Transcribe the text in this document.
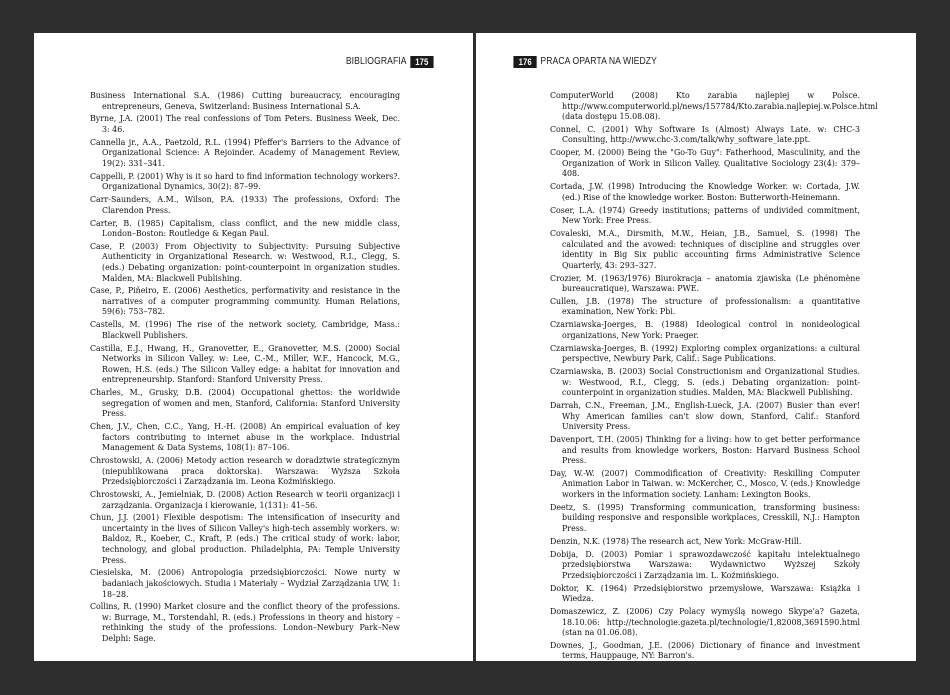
BIBLIOGRAFIA 175

Business International S.A. (1986) Cutting bureaucracy, encouraging entrepreneurs, Geneva, Switzerland: Business International S.A.

Byrne, J.A. (2001) The real confessions of Tom Peters. Business Week, Dec. 3: 46.

Cannella jr., A.A., Paetzold, R.L. (1994) Pfeffer's Barriers to the Advance of Organizational Science: A Rejoinder. Academy of Management Review, 19(2): 331–341.

Cappelli, P. (2001) Why is it so hard to find information technology workers?. Organizational Dynamics, 30(2): 87–99.

Carr-Saunders, A.M., Wilson, P.A. (1933) The professions, Oxford: The Clarendon Press.

Carter, B. (1985) Capitalism, class conflict, and the new middle class, London–Boston: Routledge & Kegan Paul.

Case, P. (2003) From Objectivity to Subjectivity: Pursuing Subjective Authenticity in Organizational Research. w: Westwood, R.I., Clegg, S. (eds.) Debating organization: point-counterpoint in organization studies. Malden, MA: Blackwell Publishing.

Case, P., Piñeiro, E. (2006) Aesthetics, performativity and resistance in the narratives of a computer programming community. Human Relations, 59(6): 753–782.

Castells, M. (1996) The rise of the network society, Cambridge, Mass.: Blackwell Publishers.

Castilla, E.J., Hwang, H., Granovetter, E., Granovetter, M.S. (2000) Social Networks in Silicon Valley. w: Lee, C.-M., Miller, W.F., Hancock, M.G., Rowen, H.S. (eds.) The Silicon Valley edge: a habitat for innovation and entrepreneurship. Stanford: Stanford University Press.

Charles, M., Grusky, D.B. (2004) Occupational ghettos: the worldwide segregation of women and men, Stanford, California: Stanford University Press.

Chen, J.V., Chen, C.C., Yang, H.-H. (2008) An empirical evaluation of key factors contributing to internet abuse in the workplace. Industrial Management & Data Systems, 108(1): 87–106.

Chrostowski, A. (2006) Metody action research w doradztwie strategicznym (niepublikowana praca doktorska). Warszawa: Wyższa Szkoła Przedsiębiorczości i Zarządzania im. Leona Koźmińskiego.

Chrostowski, A., Jemielniak, D. (2008) Action Research w teorii organizacji i zarządzania. Organizacja i kierowanie, 1(131): 41–56.

Chun, J.J. (2001) Flexible despotism: The intensification of insecurity and uncertainty in the lives of Silicon Valley's high-tech assembly workers. w: Baldoz, R., Koeber, C., Kraft, P. (eds.) The critical study of work: labor, technology, and global production. Philadelphia, PA: Temple University Press.

Ciesielska, M. (2006) Antropologia przedsiębiorczości. Nowe nurty w badaniach jakościowych. Studia i Materiały – Wydział Zarządzania UW, 1: 18–28.

Collins, R. (1990) Market closure and the conflict theory of the professions. w: Burrage, M., Torstendahl, R. (eds.) Professions in theory and history – rethinking the study of the professions. London–Newbury Park–New Delphi: Sage.

176 PRACA OPARTA NA WIEDZY

ComputerWorld (2008) Kto zarabia najlepiej w Polsce. http://www.computerworld.pl/news/157784/Kto.zarabia.najlepiej.w.Polsce.html (data dostępu 15.08.08).

Connel, C. (2001) Why Software Is (Almost) Always Late. w: CHC-3 Consulting, http://www.chc-3.com/talk/why_software_late.ppt.

Cooper, M. (2000) Being the "Go-To Guy": Fatherhood, Masculinity, and the Organization of Work in Silicon Valley. Qualitative Sociology 23(4): 379–408.

Cortada, J.W. (1998) Introducing the Knowledge Worker. w: Cortada, J.W. (ed.) Rise of the knowledge worker. Boston: Butterworth-Heinemann.

Coser, L.A. (1974) Greedy institutions; patterns of undivided commitment, New York: Free Press.

Covaleski, M.A., Dirsmith, M.W., Heian, J.B., Samuel, S. (1998) The calculated and the avowed: techniques of discipline and struggles over identity in Big Six public accounting firms Administrative Science Quarterly, 43: 293–327.

Crozier, M. (1963/1976) Biurokracja – anatomia zjawiska (Le phénomène bureaucratique), Warszawa: PWE.

Cullen, J.B. (1978) The structure of professionalism: a quantitative examination, New York: Pbi.

Czarniawska-Joerges, B. (1988) Ideological control in nonideological organizations, New York: Praeger.

Czarniawska-Joerges, B. (1992) Exploring complex organizations: a cultural perspective, Newbury Park, Calif.: Sage Publications.

Czarniawska, B. (2003) Social Constructionism and Organizational Studies. w: Westwood, R.I., Clegg, S. (eds.) Debating organization: point-counterpoint in organization studies. Malden, MA: Blackwell Publishing.

Darrah, C.N., Freeman, J.M., English-Lueck, J.A. (2007) Busier than ever! Why American families can't slow down, Stanford, Calif.: Stanford University Press.

Davenport, T.H. (2005) Thinking for a living: how to get better performance and results from knowledge workers, Boston: Harvard Business School Press.

Day, W.-W. (2007) Commodification of Creativity: Reskilling Computer Animation Labor in Taiwan. w: McKercher, C., Mosco, V. (eds.) Knowledge workers in the information society. Lanham: Lexington Books.

Deetz, S. (1995) Transforming communication, transforming business: building responsive and responsible workplaces, Cresskill, N.J.: Hampton Press.

Denzin, N.K. (1978) The research act, New York: McGraw-Hill.

Dobija, D. (2003) Pomiar i sprawozdawczość kapitału intelektualnego przedsiębiorstwa Warszawa: Wydawnictwo Wyższej Szkoły Przedsiębiorczości i Zarządzania im. L. Koźmińskiego.

Doktor, K. (1964) Przedsiębiorstwo przemysłowe, Warszawa: Książka i Wiedza.

Domaszewicz, Z. (2006) Czy Polacy wymyślą nowego Skype'a? Gazeta, 18.10.06: http://technologie.gazeta.pl/technologie/1,82008,3691590.html (stan na 01.06.08).

Downes, J., Goodman, J.E. (2006) Dictionary of finance and investment terms, Hauppauge, NY: Barron's.
